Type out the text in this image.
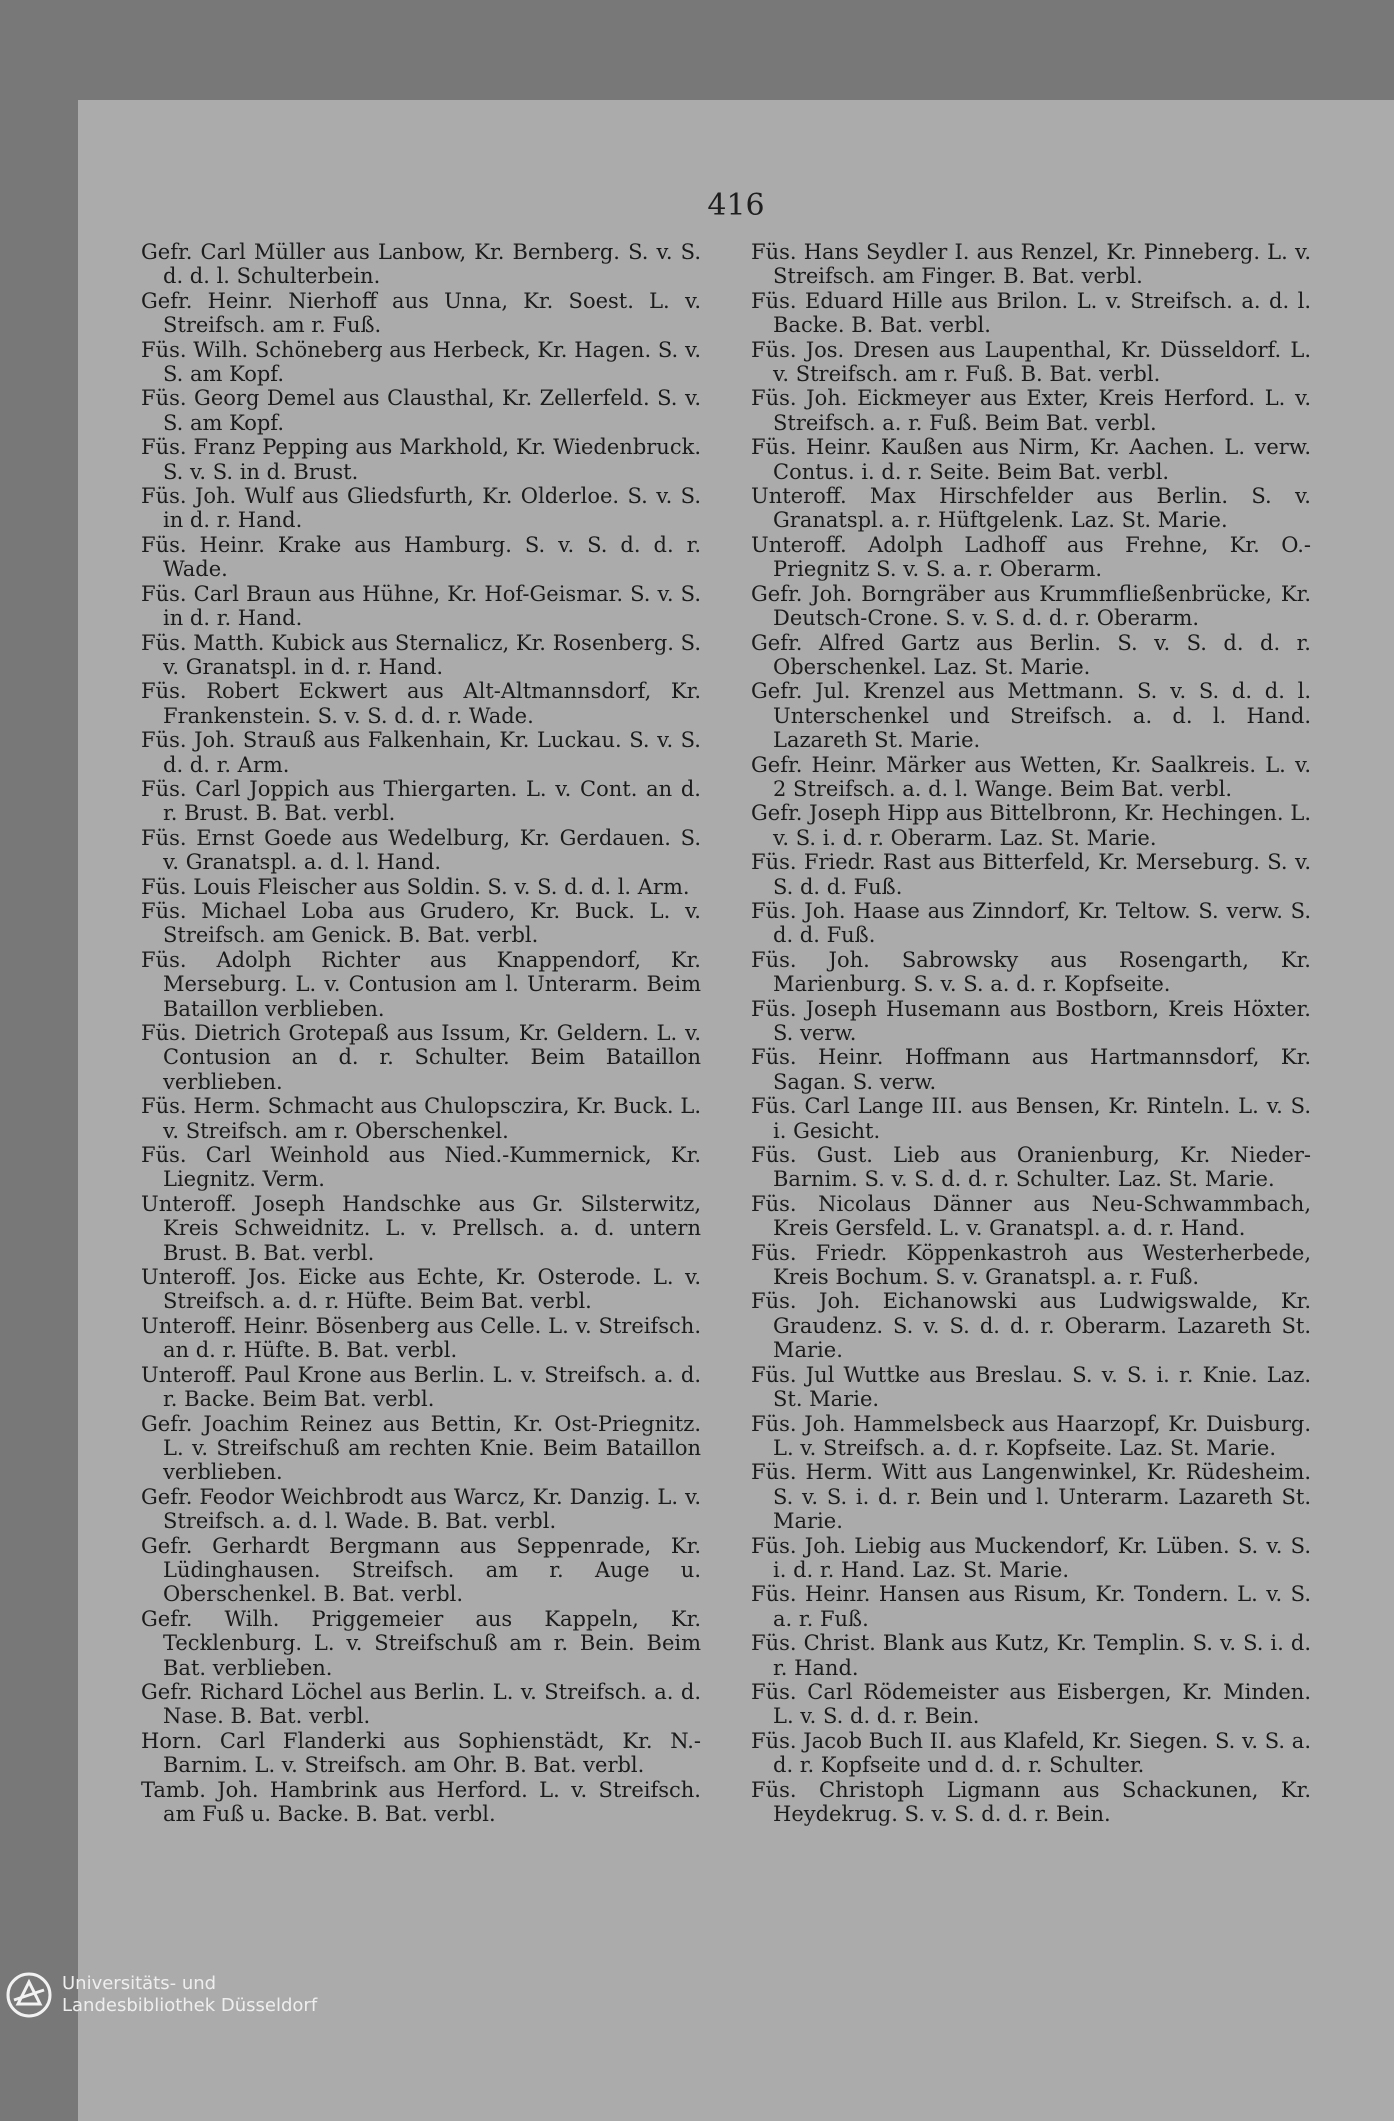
416

Gefr. Carl Müller aus Lanbow, Kr. Bernberg. S. v. S. d. d. l. Schulterbein.

Gefr. Heinr. Nierhoff aus Unna, Kr. Soest. L. v. Streifsch. am r. Fuß.

Füs. Wilh. Schöneberg aus Herbeck, Kr. Hagen. S. v. S. am Kopf.

Füs. Georg Demel aus Clausthal, Kr. Zellerfeld. S. v. S. am Kopf.

Füs. Franz Pepping aus Markhold, Kr. Wiedenbruck. S. v. S. in d. Brust.

Füs. Joh. Wulf aus Gliedsfurth, Kr. Olderloe. S. v. S. in d. r. Hand.

Füs. Heinr. Krake aus Hamburg. S. v. S. d. d. r. Wade.

Füs. Carl Braun aus Hühne, Kr. Hof-Geismar. S. v. S. in d. r. Hand.

Füs. Matth. Kubick aus Sternalicz, Kr. Rosenberg. S. v. Granatspl. in d. r. Hand.

Füs. Robert Eckwert aus Alt-Altmannsdorf, Kr. Frankenstein. S. v. S. d. d. r. Wade.

Füs. Joh. Strauß aus Falkenhain, Kr. Luckau. S. v. S. d. d. r. Arm.

Füs. Carl Joppich aus Thiergarten. L. v. Cont. an d. r. Brust. B. Bat. verbl.

Füs. Ernst Goede aus Wedelburg, Kr. Gerdauen. S. v. Granatspl. a. d. l. Hand.

Füs. Louis Fleischer aus Soldin. S. v. S. d. d. l. Arm.

Füs. Michael Loba aus Grudero, Kr. Buck. L. v. Streifsch. am Genick. B. Bat. verbl.

Füs. Adolph Richter aus Knappendorf, Kr. Merseburg. L. v. Contusion am l. Unterarm. Beim Bataillon verblieben.

Füs. Dietrich Grotepaß aus Issum, Kr. Geldern. L. v. Contusion an d. r. Schulter. Beim Bataillon verblieben.

Füs. Herm. Schmacht aus Chulopsczira, Kr. Buck. L. v. Streifsch. am r. Oberschenkel.

Füs. Carl Weinhold aus Nied.-Kummernick, Kr. Liegnitz. Verm.

Unteroff. Joseph Handschke aus Gr. Silsterwitz, Kreis Schweidnitz. L. v. Prellsch. a. d. untern Brust. B. Bat. verbl.

Unteroff. Jos. Eicke aus Echte, Kr. Osterode. L. v. Streifsch. a. d. r. Hüfte. Beim Bat. verbl.

Unteroff. Heinr. Bösenberg aus Celle. L. v. Streifsch. an d. r. Hüfte. B. Bat. verbl.

Unteroff. Paul Krone aus Berlin. L. v. Streifsch. a. d. r. Backe. Beim Bat. verbl.

Gefr. Joachim Reinez aus Bettin, Kr. Ost-Priegnitz. L. v. Streifschuß am rechten Knie. Beim Bataillon verblieben.

Gefr. Feodor Weichbrodt aus Warcz, Kr. Danzig. L. v. Streifsch. a. d. l. Wade. B. Bat. verbl.

Gefr. Gerhardt Bergmann aus Seppenrade, Kr. Lüdinghausen. Streifsch. am r. Auge u. Oberschenkel. B. Bat. verbl.

Gefr. Wilh. Priggemeier aus Kappeln, Kr. Tecklenburg. L. v. Streifschuß am r. Bein. Beim Bat. verblieben.

Gefr. Richard Löchel aus Berlin. L. v. Streifsch. a. d. Nase. B. Bat. verbl.

Horn. Carl Flanderki aus Sophienstädt, Kr. N.-Barnim. L. v. Streifsch. am Ohr. B. Bat. verbl.

Tamb. Joh. Hambrink aus Herford. L. v. Streifsch. am Fuß u. Backe. B. Bat. verbl.

Füs. Hans Seydler I. aus Renzel, Kr. Pinneberg. L. v. Streifsch. am Finger. B. Bat. verbl.

Füs. Eduard Hille aus Brilon. L. v. Streifsch. a. d. l. Backe. B. Bat. verbl.

Füs. Jos. Dresen aus Laupenthal, Kr. Düsseldorf. L. v. Streifsch. am r. Fuß. B. Bat. verbl.

Füs. Joh. Eickmeyer aus Exter, Kreis Herford. L. v. Streifsch. a. r. Fuß. Beim Bat. verbl.

Füs. Heinr. Kaußen aus Nirm, Kr. Aachen. L. verw. Contus. i. d. r. Seite. Beim Bat. verbl.

Unteroff. Max Hirschfelder aus Berlin. S. v. Granatspl. a. r. Hüftgelenk. Laz. St. Marie.

Unteroff. Adolph Ladhoff aus Frehne, Kr. O.-Priegnitz S. v. S. a. r. Oberarm.

Gefr. Joh. Borngräber aus Krummfließenbrücke, Kr. Deutsch-Crone. S. v. S. d. d. r. Oberarm.

Gefr. Alfred Gartz aus Berlin. S. v. S. d. d. r. Oberschenkel. Laz. St. Marie.

Gefr. Jul. Krenzel aus Mettmann. S. v. S. d. d. l. Unterschenkel und Streifsch. a. d. l. Hand. Lazareth St. Marie.

Gefr. Heinr. Märker aus Wetten, Kr. Saalkreis. L. v. 2 Streifsch. a. d. l. Wange. Beim Bat. verbl.

Gefr. Joseph Hipp aus Bittelbronn, Kr. Hechingen. L. v. S. i. d. r. Oberarm. Laz. St. Marie.

Füs. Friedr. Rast aus Bitterfeld, Kr. Merseburg. S. v. S. d. d. Fuß.

Füs. Joh. Haase aus Zinndorf, Kr. Teltow. S. verw. S. d. d. Fuß.

Füs. Joh. Sabrowsky aus Rosengarth, Kr. Marienburg. S. v. S. a. d. r. Kopfseite.

Füs. Joseph Husemann aus Bostborn, Kreis Höxter. S. verw.

Füs. Heinr. Hoffmann aus Hartmannsdorf, Kr. Sagan. S. verw.

Füs. Carl Lange III. aus Bensen, Kr. Rinteln. L. v. S. i. Gesicht.

Füs. Gust. Lieb aus Oranienburg, Kr. Nieder-Barnim. S. v. S. d. d. r. Schulter. Laz. St. Marie.

Füs. Nicolaus Dänner aus Neu-Schwammbach, Kreis Gersfeld. L. v. Granatspl. a. d. r. Hand.

Füs. Friedr. Köppenkastroh aus Westerherbede, Kreis Bochum. S. v. Granatspl. a. r. Fuß.

Füs. Joh. Eichanowski aus Ludwigswalde, Kr. Graudenz. S. v. S. d. d. r. Oberarm. Lazareth St. Marie.

Füs. Jul Wuttke aus Breslau. S. v. S. i. r. Knie. Laz. St. Marie.

Füs. Joh. Hammelsbeck aus Haarzopf, Kr. Duisburg. L. v. Streifsch. a. d. r. Kopfseite. Laz. St. Marie.

Füs. Herm. Witt aus Langenwinkel, Kr. Rüdesheim. S. v. S. i. d. r. Bein und l. Unterarm. Lazareth St. Marie.

Füs. Joh. Liebig aus Muckendorf, Kr. Lüben. S. v. S. i. d. r. Hand. Laz. St. Marie.

Füs. Heinr. Hansen aus Risum, Kr. Tondern. L. v. S. a. r. Fuß.

Füs. Christ. Blank aus Kutz, Kr. Templin. S. v. S. i. d. r. Hand.

Füs. Carl Rödemeister aus Eisbergen, Kr. Minden. L. v. S. d. d. r. Bein.

Füs. Jacob Buch II. aus Klafeld, Kr. Siegen. S. v. S. a. d. r. Kopfseite und d. d. r. Schulter.

Füs. Christoph Ligmann aus Schackunen, Kr. Heydekrug. S. v. S. d. d. r. Bein.

Universitäts- und
Landesbibliothek Düsseldorf
